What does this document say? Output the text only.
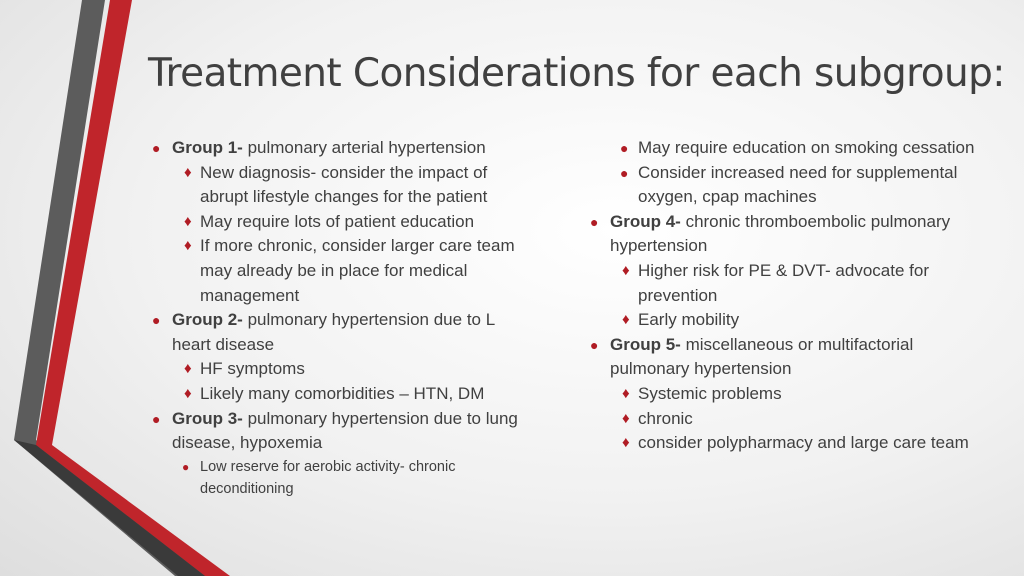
Treatment Considerations for each subgroup:

● Group 1- pulmonary arterial hypertension

♦ New diagnosis- consider the impact of abrupt lifestyle changes for the patient

♦ May require lots of patient education

♦ If more chronic, consider larger care team may already be in place for medical management

● Group 2- pulmonary hypertension due to L heart disease

♦ HF symptoms

♦ Likely many comorbidities – HTN, DM

● Group 3- pulmonary hypertension due to lung disease, hypoxemia

● Low reserve for aerobic activity- chronic deconditioning

● May require education on smoking cessation

● Consider increased need for supplemental oxygen, cpap machines

● Group 4- chronic thromboembolic pulmonary hypertension

♦ Higher risk for PE & DVT- advocate for prevention

♦ Early mobility

● Group 5- miscellaneous or multifactorial pulmonary hypertension

♦ Systemic problems

♦ chronic

♦ consider polypharmacy and large care team
